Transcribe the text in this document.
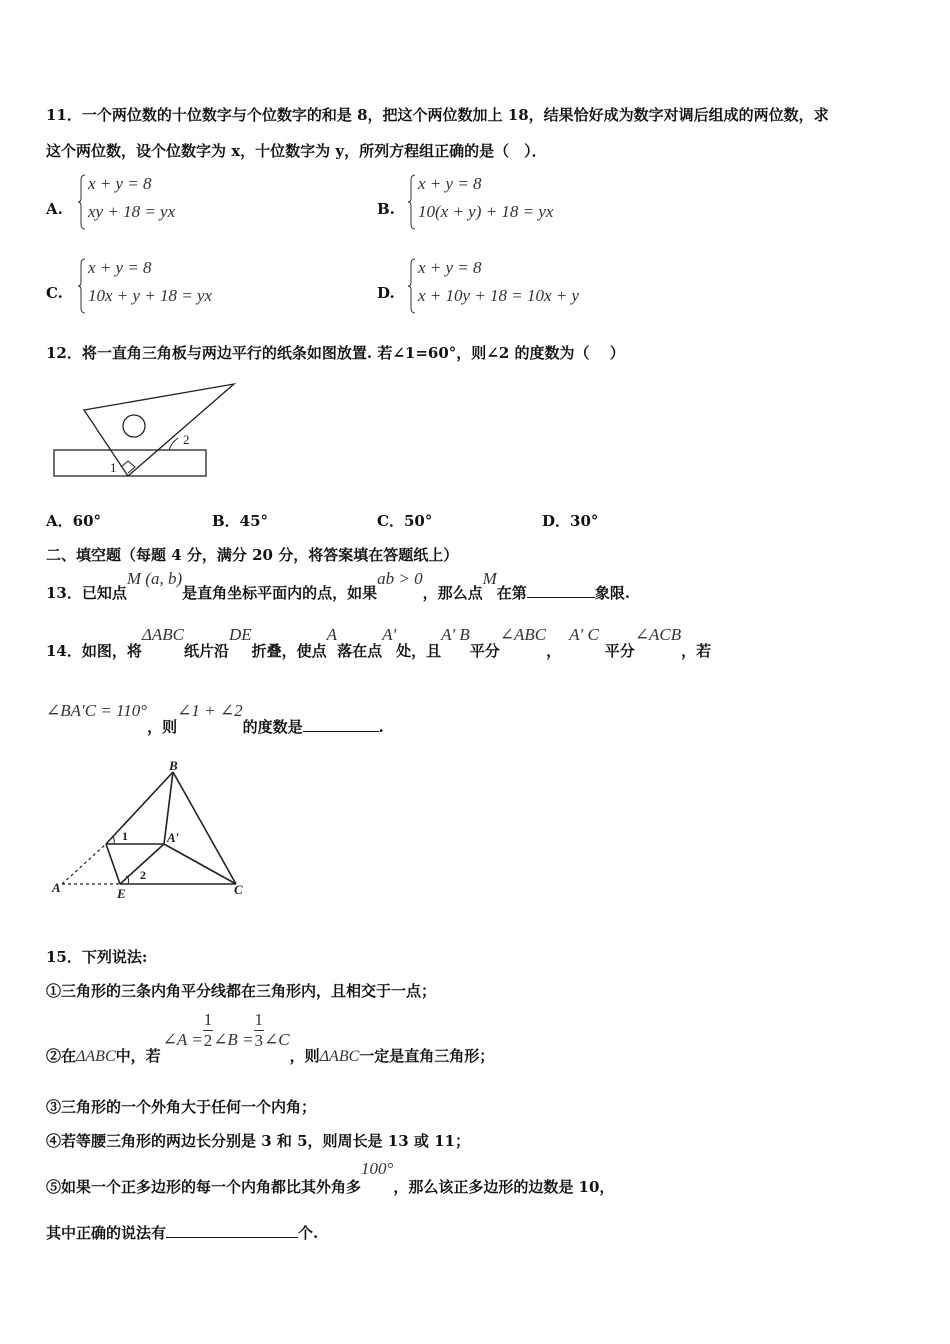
11．一个两位数的十位数字与个位数字的和是 8，把这个两位数加上 18，结果恰好成为数字对调后组成的两位数，求
这个两位数，设个位数字为 x，十位数字为 y，所列方程组正确的是（　）．
A.
x + y = 8
xy + 18 = yx	B.
x + y = 8
10(x + y) + 18 = yx
C.
x + y = 8
10x + y + 18 = yx	D.
x + y = 8
x + 10y + 18 = 10x + y
12．将一直角三角板与两边平行的纸条如图放置. 若∠1=60°，则∠2 的度数为（　 ）
1
2
A．60°	B．45°	C．50°	D．30°
二、填空题（每题 4 分，满分 20 分，将答案填在答题纸上）
13．已知点M (a, b)是直角坐标平面内的点，如果ab > 0，那么点M在第	象限.
14．如图，将ΔABC纸片沿DE折叠，使点A落在点A'处，且A' B平分∠ABC，A' C平分∠ACB，若
∠BA′C = 110°，则∠1 + ∠2的度数是	.
B
A′
A	E	C
1
2
15．下列说法:
①三角形的三条内角平分线都在三角形内，且相交于一点；
②在ΔABC中，若∠A = $\frac{1}{2}$ ∠B = $\frac{1}{3}$ ∠C，则ΔABC一定是直角三角形；
③三角形的一个外角大于任何一个内角；
④若等腰三角形的两边长分别是 3 和 5，则周长是 13 或 11；
⑤如果一个正多边形的每一个内角都比其外角多100°，那么该正多边形的边数是 10，
其中正确的说法有	个.
